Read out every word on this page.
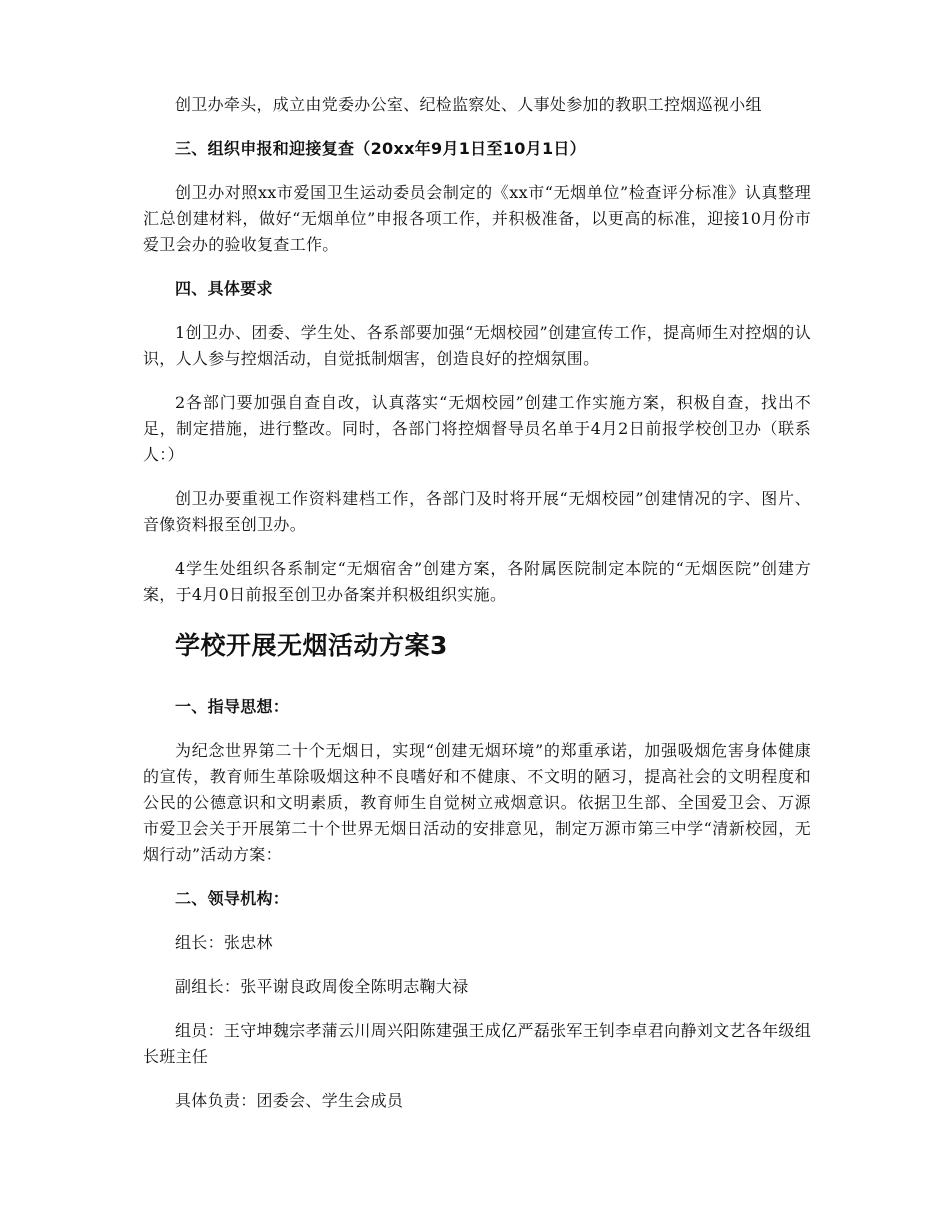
创卫办牵头，成立由党委办公室、纪检监察处、人事处参加的教职工控烟巡视小组

三、组织申报和迎接复查（20xx年9月1日至10月1日）

创卫办对照xx市爱国卫生运动委员会制定的《xx市“无烟单位”检查评分标准》认真整理汇总创建材料，做好“无烟单位”申报各项工作，并积极准备，以更高的标准，迎接10月份市爱卫会办的验收复查工作。

四、具体要求

1创卫办、团委、学生处、各系部要加强“无烟校园”创建宣传工作，提高师生对控烟的认识，人人参与控烟活动，自觉抵制烟害，创造良好的控烟氛围。

2各部门要加强自查自改，认真落实“无烟校园”创建工作实施方案，积极自查，找出不足，制定措施，进行整改。同时，各部门将控烟督导员名单于4月2日前报学校创卫办（联系人：）

创卫办要重视工作资料建档工作，各部门及时将开展“无烟校园”创建情况的字、图片、音像资料报至创卫办。

4学生处组织各系制定“无烟宿舍”创建方案，各附属医院制定本院的“无烟医院”创建方案，于4月0日前报至创卫办备案并积极组织实施。

学校开展无烟活动方案3

一、指导思想：

为纪念世界第二十个无烟日，实现“创建无烟环境”的郑重承诺，加强吸烟危害身体健康的宣传，教育师生革除吸烟这种不良嗜好和不健康、不文明的陋习，提高社会的文明程度和公民的公德意识和文明素质，教育师生自觉树立戒烟意识。依据卫生部、全国爱卫会、万源市爱卫会关于开展第二十个世界无烟日活动的安排意见，制定万源市第三中学“清新校园，无烟行动”活动方案：

二、领导机构：

组长：张忠林

副组长：张平谢良政周俊全陈明志鞠大禄

组员：王守坤魏宗孝蒲云川周兴阳陈建强王成亿严磊张军王钊李卓君向静刘文艺各年级组长班主任

具体负责：团委会、学生会成员
